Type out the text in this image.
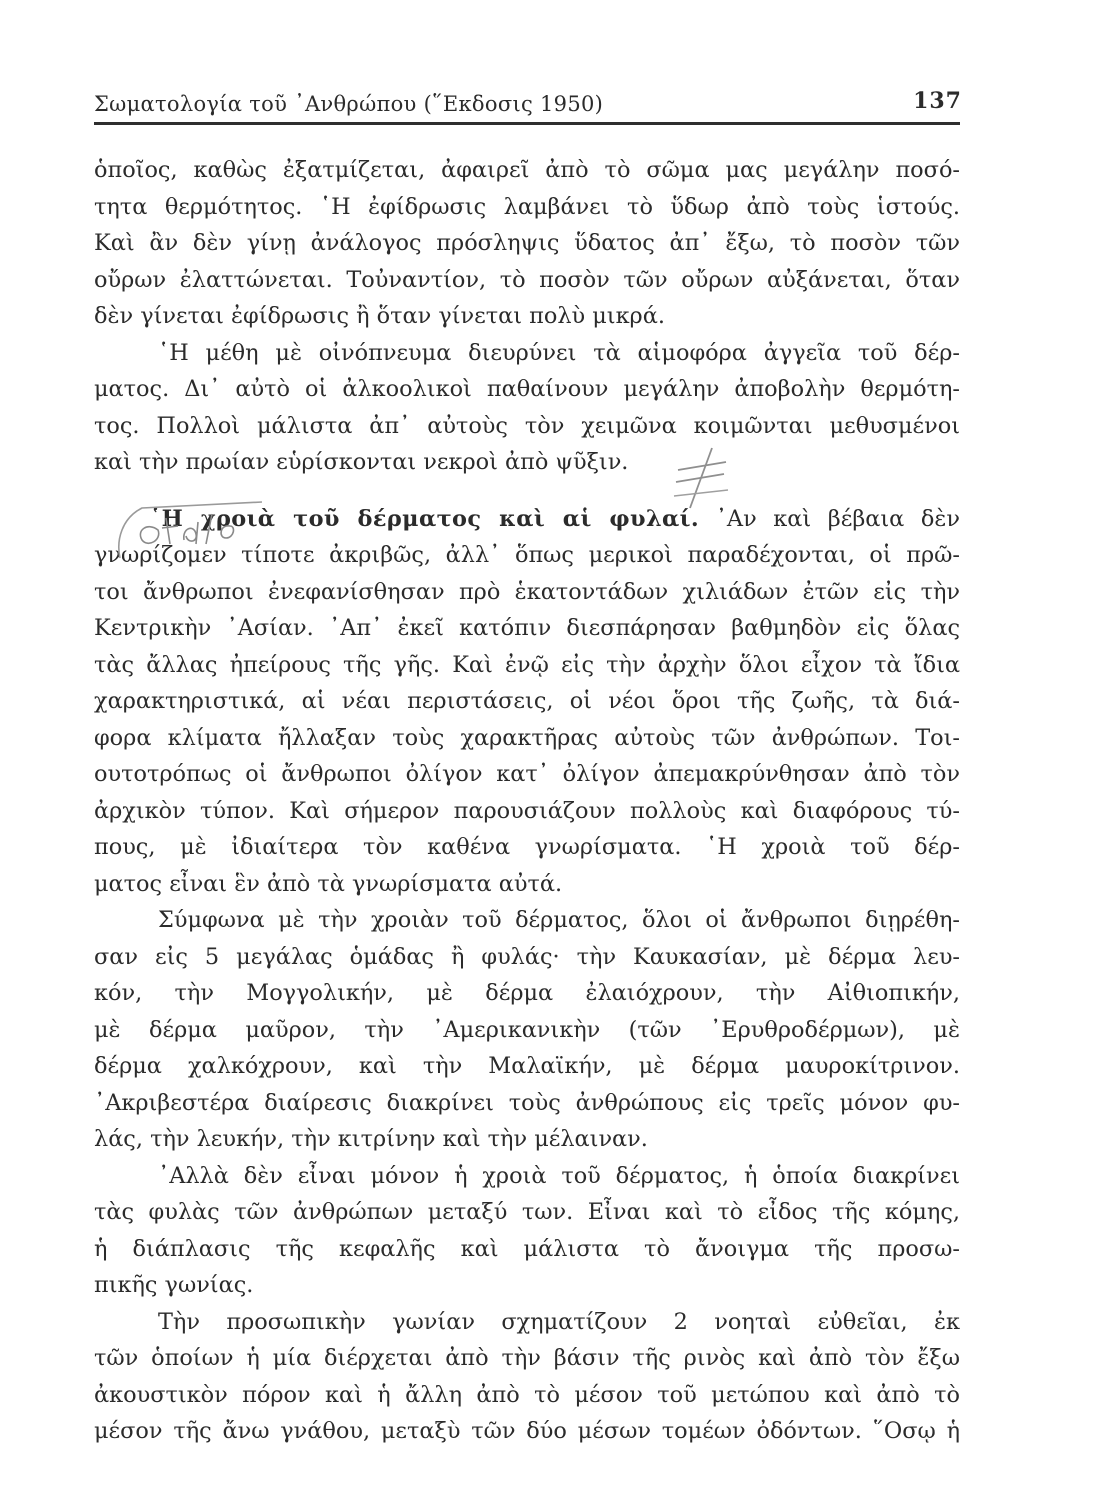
Σωματολογία τοῦ ᾿Ανθρώπου (῞Εκδοσις 1950)	137
ὁποῖος, καθὼς ἐξατμίζεται, ἀφαιρεῖ ἀπὸ τὸ σῶμα μας μεγάλην ποσό-
τητα θερμότητος. ῾Η ἐφίδρωσις λαμβάνει τὸ ὕδωρ ἀπὸ τοὺς ἱστούς.
Καὶ ἂν δὲν γίνῃ ἀνάλογος πρόσληψις ὕδατος ἀπ᾿ ἔξω, τὸ ποσὸν τῶν
οὔρων ἐλαττώνεται. Τοὐναντίον, τὸ ποσὸν τῶν οὔρων αὐξάνεται, ὅταν
δὲν γίνεται ἐφίδρωσις ἢ ὅταν γίνεται πολὺ μικρά.
῾Η μέθη μὲ οἰνόπνευμα διευρύνει τὰ αἱμοφόρα ἀγγεῖα τοῦ δέρ-
ματος. Δι᾿ αὐτὸ οἱ ἀλκοολικοὶ παθαίνουν μεγάλην ἀποβολὴν θερμότη-
τος. Πολλοὶ μάλιστα ἀπ᾿ αὐτοὺς τὸν χειμῶνα κοιμῶνται μεθυσμένοι
καὶ τὴν πρωίαν εὑρίσκονται νεκροὶ ἀπὸ ψῦξιν.
῾Η χροιὰ τοῦ δέρματος καὶ αἱ φυλαί. ᾿Αν καὶ βέβαια δὲν
γνωρίζομεν τίποτε ἀκριβῶς, ἀλλ᾿ ὅπως μερικοὶ παραδέχονται, οἱ πρῶ-
τοι ἄνθρωποι ἐνεφανίσθησαν πρὸ ἑκατοντάδων χιλιάδων ἐτῶν εἰς τὴν
Κεντρικὴν ᾿Ασίαν. ᾿Απ᾿ ἐκεῖ κατόπιν διεσπάρησαν βαθμηδὸν εἰς ὅλας
τὰς ἄλλας ἠπείρους τῆς γῆς. Καὶ ἐνῷ εἰς τὴν ἀρχὴν ὅλοι εἶχον τὰ ἴδια
χαρακτηριστικά, αἱ νέαι περιστάσεις, οἱ νέοι ὅροι τῆς ζωῆς, τὰ διά-
φορα κλίματα ἤλλαξαν τοὺς χαρακτῆρας αὐτοὺς τῶν ἀνθρώπων. Τοι-
ουτοτρόπως οἱ ἄνθρωποι ὀλίγον κατ᾿ ὀλίγον ἀπεμακρύνθησαν ἀπὸ τὸν
ἀρχικὸν τύπον. Καὶ σήμερον παρουσιάζουν πολλοὺς καὶ διαφόρους τύ-
πους, μὲ ἰδιαίτερα τὸν καθένα γνωρίσματα. ῾Η χροιὰ τοῦ δέρ-
ματος εἶναι ἓν ἀπὸ τὰ γνωρίσματα αὐτά.
Σύμφωνα μὲ τὴν χροιὰν τοῦ δέρματος, ὅλοι οἱ ἄνθρωποι διῃρέθη-
σαν εἰς 5 μεγάλας ὁμάδας ἢ φυλάς· τὴν Καυκασίαν, μὲ δέρμα λευ-
κόν, τὴν Μογγολικήν, μὲ δέρμα ἐλαιόχρουν, τὴν Αἰθιοπικήν,
μὲ δέρμα μαῦρον, τὴν ᾿Αμερικανικὴν (τῶν ᾿Ερυθροδέρμων), μὲ
δέρμα χαλκόχρουν, καὶ τὴν Μαλαϊκήν, μὲ δέρμα μαυροκίτρινον.
᾿Ακριβεστέρα διαίρεσις διακρίνει τοὺς ἀνθρώπους εἰς τρεῖς μόνον φυ-
λάς, τὴν λευκήν, τὴν κιτρίνην καὶ τὴν μέλαιναν.
᾿Αλλὰ δὲν εἶναι μόνον ἡ χροιὰ τοῦ δέρματος, ἡ ὁποία διακρίνει
τὰς φυλὰς τῶν ἀνθρώπων μεταξύ των. Εἶναι καὶ τὸ εἶδος τῆς κόμης,
ἡ διάπλασις τῆς κεφαλῆς καὶ μάλιστα τὸ ἄνοιγμα τῆς προσω-
πικῆς γωνίας.
Τὴν προσωπικὴν γωνίαν σχηματίζουν 2 νοηταὶ εὐθεῖαι, ἐκ
τῶν ὁποίων ἡ μία διέρχεται ἀπὸ τὴν βάσιν τῆς ρινὸς καὶ ἀπὸ τὸν ἔξω
ἀκουστικὸν πόρον καὶ ἡ ἄλλη ἀπὸ τὸ μέσον τοῦ μετώπου καὶ ἀπὸ τὸ
μέσον τῆς ἄνω γνάθου, μεταξὺ τῶν δύο μέσων τομέων ὀδόντων. ῞Οσῳ ἡ
